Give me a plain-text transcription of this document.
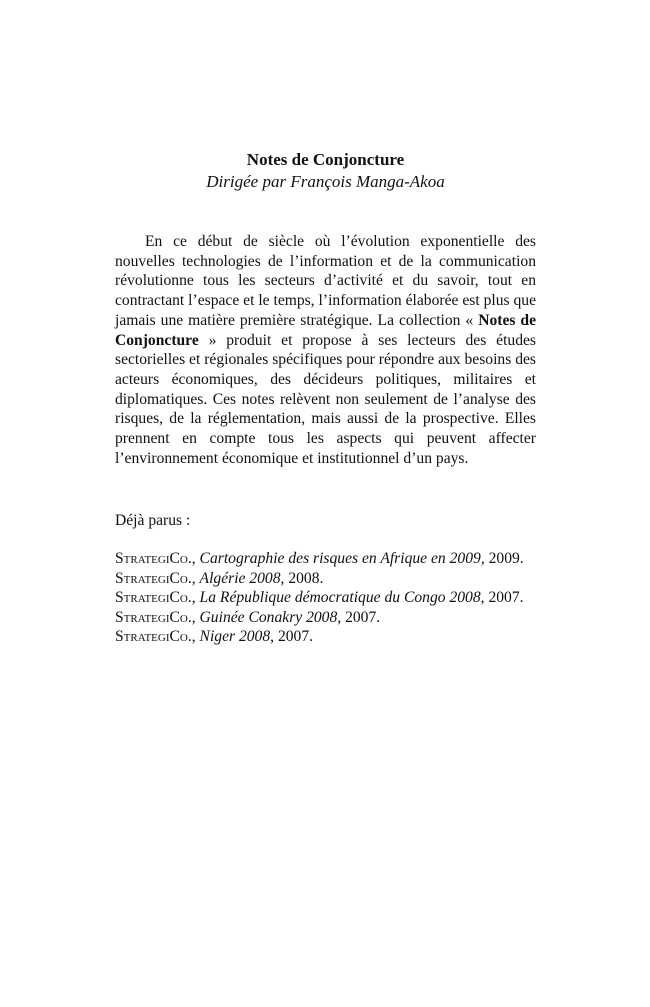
Notes de Conjoncture
Dirigée par François Manga-Akoa

En ce début de siècle où l’évolution exponentielle des nouvelles technologies de l’information et de la communication révolutionne tous les secteurs d’activité et du savoir, tout en contractant l’espace et le temps, l’information élaborée est plus que jamais une matière première stratégique. La collection « Notes de Conjoncture » produit et propose à ses lecteurs des études sectorielles et régionales spécifiques pour répondre aux besoins des acteurs économiques, des décideurs politiques, militaires et diplomatiques. Ces notes relèvent non seulement de l’analyse des risques, de la réglementation, mais aussi de la prospective. Elles prennent en compte tous les aspects qui peuvent affecter l’environnement économique et institutionnel d’un pays.

Déjà parus :
StrategiCo., Cartographie des risques en Afrique en 2009, 2009.
StrategiCo., Algérie 2008, 2008.
StrategiCo., La République démocratique du Congo 2008, 2007.
StrategiCo., Guinée Conakry 2008, 2007.
StrategiCo., Niger 2008, 2007.
